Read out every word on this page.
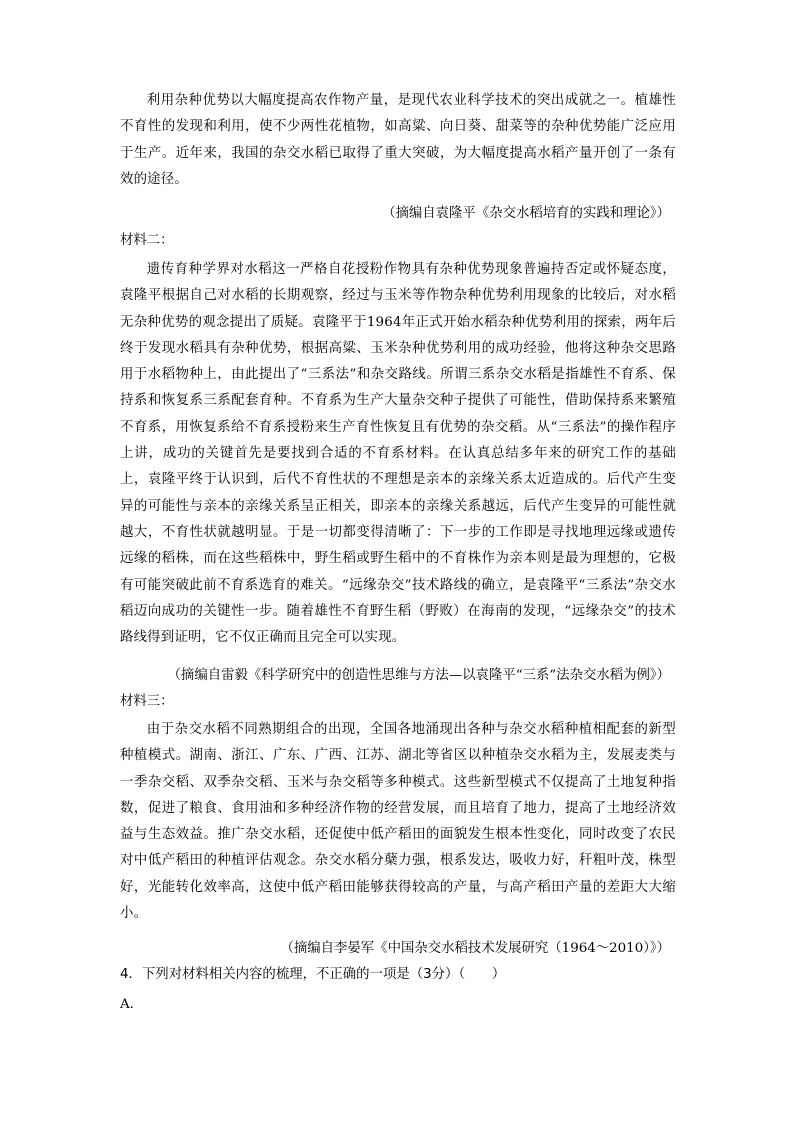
利用杂种优势以大幅度提高农作物产量，是现代农业科学技术的突出成就之一。植雄性不育性的发现和利用，使不少两性花植物，如高粱、向日葵、甜菜等的杂种优势能广泛应用于生产。近年来，我国的杂交水稻已取得了重大突破，为大幅度提高水稻产量开创了一条有效的途径。

（摘编自袁隆平《杂交水稻培育的实践和理论》）

材料二：

遗传育种学界对水稻这一严格自花授粉作物具有杂种优势现象普遍持否定或怀疑态度，袁隆平根据自己对水稻的长期观察，经过与玉米等作物杂种优势利用现象的比较后，对水稻无杂种优势的观念提出了质疑。袁隆平于1964年正式开始水稻杂种优势利用的探索，两年后终于发现水稻具有杂种优势，根据高粱、玉米杂种优势利用的成功经验，他将这种杂交思路用于水稻物种上，由此提出了“三系法”和杂交路线。所谓三系杂交水稻是指雄性不育系、保持系和恢复系三系配套育种。不育系为生产大量杂交种子提供了可能性，借助保持系来繁殖不育系，用恢复系给不育系授粉来生产育性恢复且有优势的杂交稻。从“三系法”的操作程序上讲，成功的关键首先是要找到合适的不育系材料。在认真总结多年来的研究工作的基础上，袁隆平终于认识到，后代不育性状的不理想是亲本的亲缘关系太近造成的。后代产生变异的可能性与亲本的亲缘关系呈正相关，即亲本的亲缘关系越远，后代产生变异的可能性就越大，不育性状就越明显。于是一切都变得清晰了：下一步的工作即是寻找地理远缘或遗传远缘的稻株，而在这些稻株中，野生稻或野生稻中的不育株作为亲本则是最为理想的，它极有可能突破此前不育系选育的难关。“远缘杂交”技术路线的确立，是袁隆平“三系法”杂交水稻迈向成功的关键性一步。随着雄性不育野生稻（野败）在海南的发现，“远缘杂交”的技术路线得到证明，它不仅正确而且完全可以实现。

（摘编自雷毅《科学研究中的创造性思维与方法—以袁隆平“三系”法杂交水稻为例》）

材料三：

由于杂交水稻不同熟期组合的出现，全国各地涌现出各种与杂交水稻种植相配套的新型种植模式。湖南、浙江、广东、广西、江苏、湖北等省区以种植杂交水稻为主，发展麦类与一季杂交稻、双季杂交稻、玉米与杂交稻等多种模式。这些新型模式不仅提高了土地复种指数，促进了粮食、食用油和多种经济作物的经营发展，而且培育了地力，提高了土地经济效益与生态效益。推广杂交水稻，还促使中低产稻田的面貌发生根本性变化，同时改变了农民对中低产稻田的种植评估观念。杂交水稻分蘖力强，根系发达，吸收力好，秆粗叶茂，株型好，光能转化效率高，这使中低产稻田能够获得较高的产量，与高产稻田产量的差距大大缩小。

（摘编自李晏军《中国杂交水稻技术发展研究（1964～2010）》）

4．下列对材料相关内容的梳理，不正确的一项是（3分）（　　）

A．
